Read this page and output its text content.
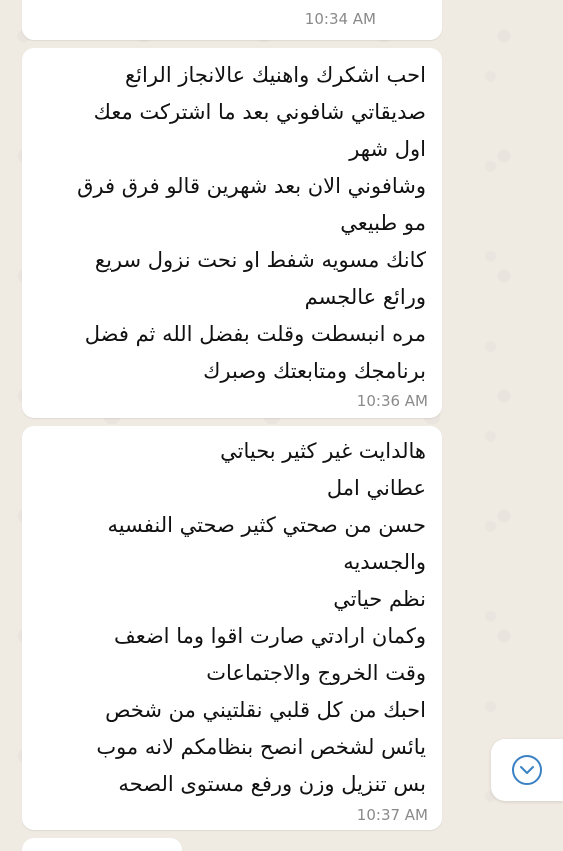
10:34 AM
احب اشكرك واهنيك عالانجاز الرائع
صديقاتي شافوني بعد ما اشتركت معك
اول شهر
وشافوني الان بعد شهرين قالو فرق فرق
مو طبيعي
كانك مسويه شفط او نحت نزول سريع
ورائع عالجسم
مره انبسطت وقلت بفضل الله ثم فضل
برنامجك ومتابعتك وصبرك
10:36 AM
هالدايت غير كثير بحياتي
عطاني امل
حسن من صحتي كثير صحتي النفسيه
والجسديه
نظم حياتي
وكمان ارادتي صارت اقوا وما اضعف
وقت الخروج والاجتماعات
احبك من كل قلبي نقلتيني من شخص
يائس لشخص انصح بنظامكم لانه موب
بس تنزيل وزن ورفع مستوى الصحه
10:37 AM
